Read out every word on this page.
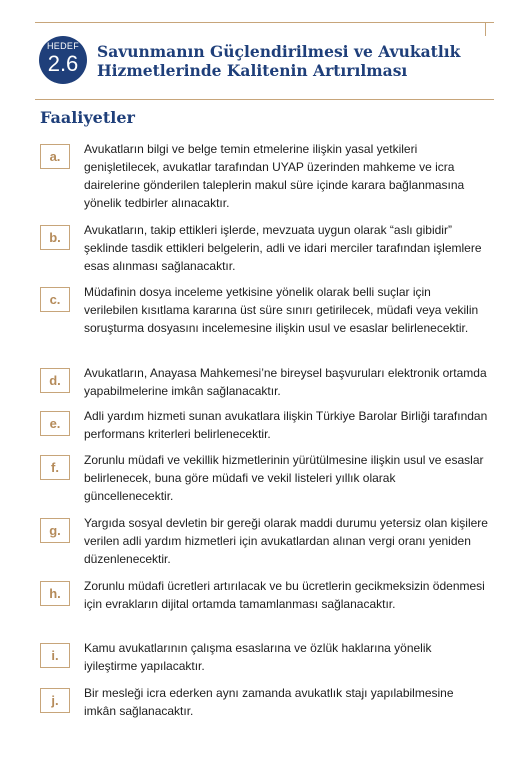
HEDEF
2.6	Savunmanın Güçlendirilmesi ve Avukatlık Hizmetlerinde Kalitenin Artırılması
Faaliyetler
a.	Avukatların bilgi ve belge temin etmelerine ilişkin yasal yetkileri genişletilecek, avukatlar tarafından UYAP üzerinden mahkeme ve icra dairelerine gönderilen taleplerin makul süre içinde karara bağlanmasına yönelik tedbirler alınacaktır.
b.	Avukatların, takip ettikleri işlerde, mevzuata uygun olarak “aslı gibidir” şeklinde tasdik ettikleri belgelerin, adli ve idari merciler tarafından işlemlere esas alınması sağlanacaktır.
c.	Müdafinin dosya inceleme yetkisine yönelik olarak belli suçlar için verilebilen kısıtlama kararına üst süre sınırı getirilecek, müdafi veya vekilin soruşturma dosyasını incelemesine ilişkin usul ve esaslar belirlenecektir.
d.	Avukatların, Anayasa Mahkemesi’ne bireysel başvuruları elektronik ortamda yapabilmelerine imkân sağlanacaktır.
e.	Adli yardım hizmeti sunan avukatlara ilişkin Türkiye Barolar Birliği tarafından performans kriterleri belirlenecektir.
f.	Zorunlu müdafi ve vekillik hizmetlerinin yürütülmesine ilişkin usul ve esaslar belirlenecek, buna göre müdafi ve vekil listeleri yıllık olarak güncellenecektir.
g.	Yargıda sosyal devletin bir gereği olarak maddi durumu yetersiz olan kişilere verilen adli yardım hizmetleri için avukatlardan alınan vergi oranı yeniden düzenlenecektir.
h.	Zorunlu müdafi ücretleri artırılacak ve bu ücretlerin gecikmeksizin ödenmesi için evrakların dijital ortamda tamamlanması sağlanacaktır.
i.	Kamu avukatlarının çalışma esaslarına ve özlük haklarına yönelik iyileştirme yapılacaktır.
j.	Bir mesleği icra ederken aynı zamanda avukatlık stajı yapılabilmesine imkân sağlanacaktır.
